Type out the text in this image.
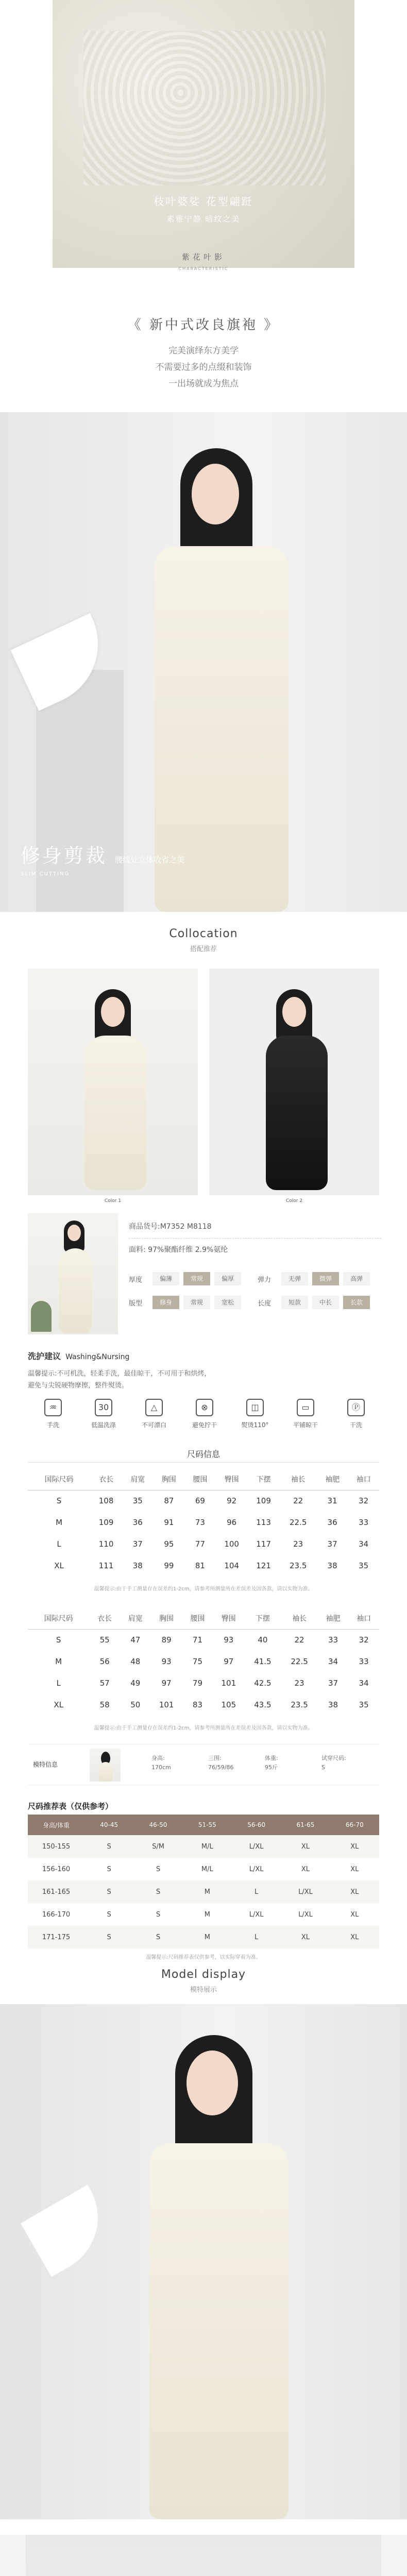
枝叶婆娑 花型翩跹
素雅宁静 暗纹之美
紫花叶影
CHARACTERISTIC
《 新中式改良旗袍 》
完美演绎东方美学
不需要过多的点缀和装饰
一出场就成为焦点
修身剪裁 腰线处立体收省之美
SLIM CUTTING
Collocation
搭配推荐
Color 1	Color 2
商品货号:M7352 M8118
面料: 97%聚酯纤维 2.9%氨纶
厚度	偏薄	常规	偏厚	弹力	无弹	微弹	高弹
版型	修身	常规	宽松	长度	短款	中长	长款
洗护建议 Washing&Nursing
温馨提示:不可机洗，轻柔手洗，最佳晾干，不可用于和烘烤，
避免与尖锐硬物摩擦，整件熨烫。
♒
手洗
30
低温洗涤
△
不可漂白
⊗
避免拧干
◫
熨烫110°
▭
平铺晾干
Ⓟ
干洗
尺码信息
国际尺码	衣长	肩宽	胸围	腰围	臀围	下摆	袖长	袖肥	袖口
S	108	35	87	69	92	109	22	31	32
M	109	36	91	73	96	113	22.5	36	33
L	110	37	95	77	100	117	23	37	34
XL	111	38	99	81	104	121	23.5	38	35
温馨提示:由于手工测量存在误差约1-2cm，请参考所测量所在差误差及因各款，请以实物为准。
国际尺码	衣长	肩宽	胸围	腰围	臀围	下摆	袖长	袖肥	袖口
S	55	47	89	71	93	40	22	33	32
M	56	48	93	75	97	41.5	22.5	34	33
L	57	49	97	79	101	42.5	23	37	34
XL	58	50	101	83	105	43.5	23.5	38	35
温馨提示:由于手工测量存在误差约1-2cm，请参考所测量所在差误差及因各款，请以实物为准。
模特信息
身高:
170cm
三围:
76/59/86
体重:
95斤
试穿尺码:
S
尺码推荐表（仅供参考）
身高/体重	40-45	46-50	51-55	56-60	61-65	66-70
150-155	S	S/M	M/L	L/XL	XL	XL
156-160	S	S	M/L	L/XL	XL	XL
161-165	S	S	M	L	L/XL	XL
166-170	S	S	M	L/XL	L/XL	XL
171-175	S	S	M	L	XL	XL
温馨提示:尺码推荐表仅供参考，以实际穿着为准。
Model display
模特展示
